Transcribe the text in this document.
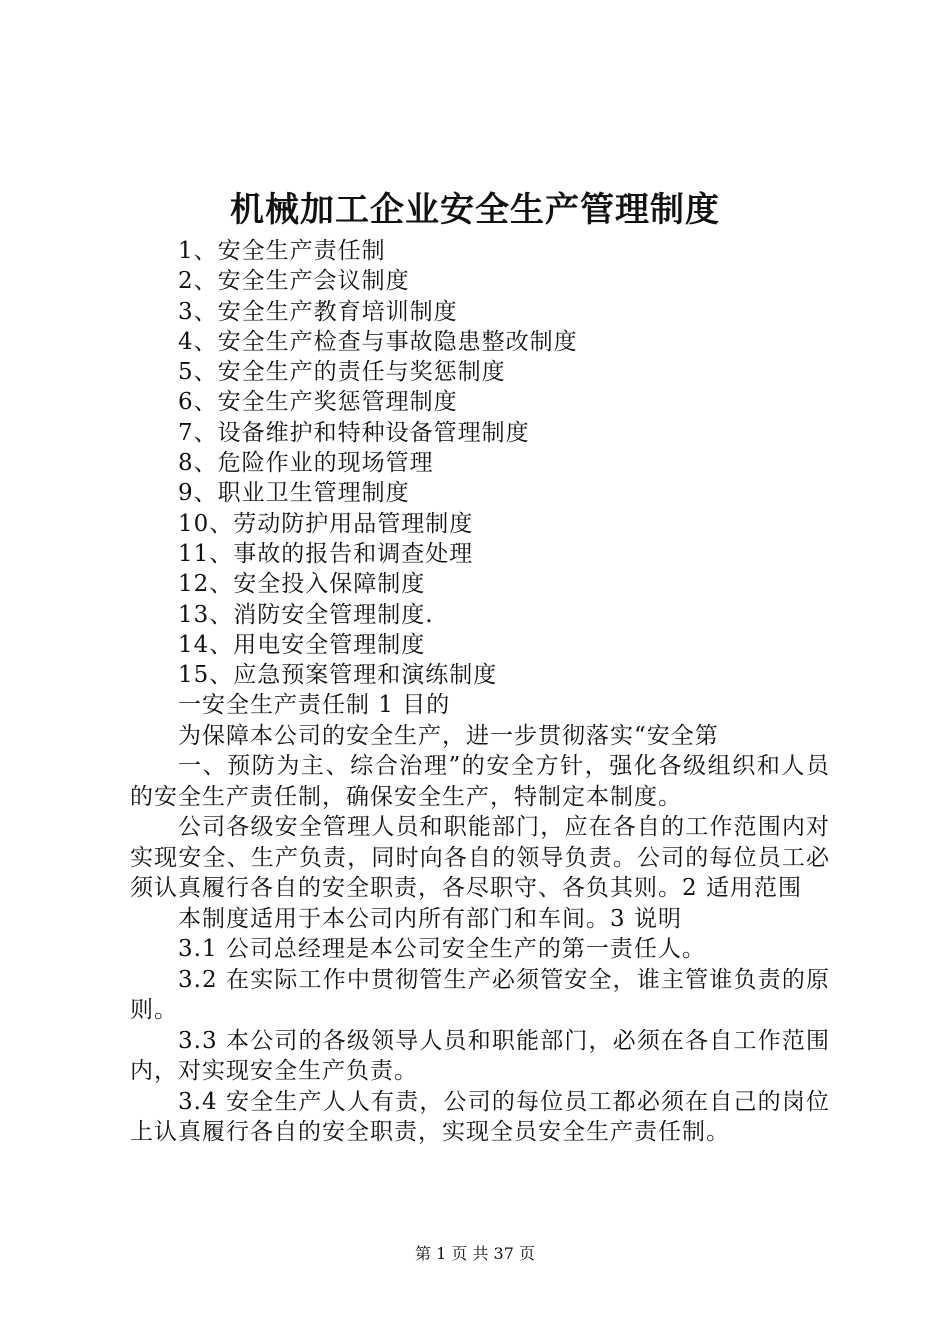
机械加工企业安全生产管理制度
1、安全生产责任制
2、安全生产会议制度
3、安全生产教育培训制度
4、安全生产检查与事故隐患整改制度
5、安全生产的责任与奖惩制度
6、安全生产奖惩管理制度
7、设备维护和特种设备管理制度
8、危险作业的现场管理
9、职业卫生管理制度
10、劳动防护用品管理制度
11、事故的报告和调查处理
12、安全投入保障制度
13、消防安全管理制度.
14、用电安全管理制度
15、应急预案管理和演练制度

一安全生产责任制 1 目的

为保障本公司的安全生产，进一步贯彻落实“安全第

一、预防为主、综合治理”的安全方针，强化各级组织和人员的安全生产责任制，确保安全生产，特制定本制度。

公司各级安全管理人员和职能部门，应在各自的工作范围内对实现安全、生产负责，同时向各自的领导负责。公司的每位员工必须认真履行各自的安全职责，各尽职守、各负其则。2 适用范围

本制度适用于本公司内所有部门和车间。3 说明

3.1 公司总经理是本公司安全生产的第一责任人。

3.2 在实际工作中贯彻管生产必须管安全，谁主管谁负责的原则。

3.3 本公司的各级领导人员和职能部门，必须在各自工作范围内，对实现安全生产负责。

3.4 安全生产人人有责，公司的每位员工都必须在自己的岗位上认真履行各自的安全职责，实现全员安全生产责任制。

第 1 页 共 37 页
